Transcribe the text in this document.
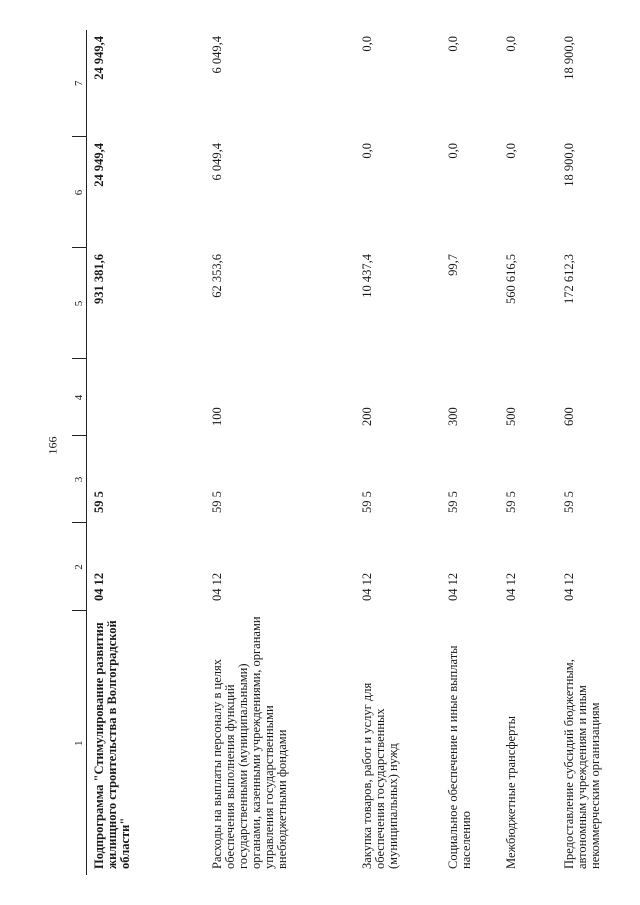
166
1	2	3	4	5	6	7
Подпрограмма "Стимулирование развития жилищного строительства в Волгоградской области"	04 12	59 5		931 381,6	24 949,4	24 949,4
Расходы на выплаты персоналу в целях обеспечения выполнения функций государственными (муниципальными) органами, казенными учреждениями, органами управления государственными внебюджетными фондами	04 12	59 5	100	62 353,6	6 049,4	6 049,4
Закупка товаров, работ и услуг для обеспечения государственных (муниципальных) нужд	04 12	59 5	200	10 437,4	0,0	0,0
Социальное обеспечение и иные выплаты населению	04 12	59 5	300	99,7	0,0	0,0
Межбюджетные трансферты	04 12	59 5	500	560 616,5	0,0	0,0
Предоставление субсидий бюджетным, автономным учреждениям и иным некоммерческим организациям	04 12	59 5	600	172 612,3	18 900,0	18 900,0
